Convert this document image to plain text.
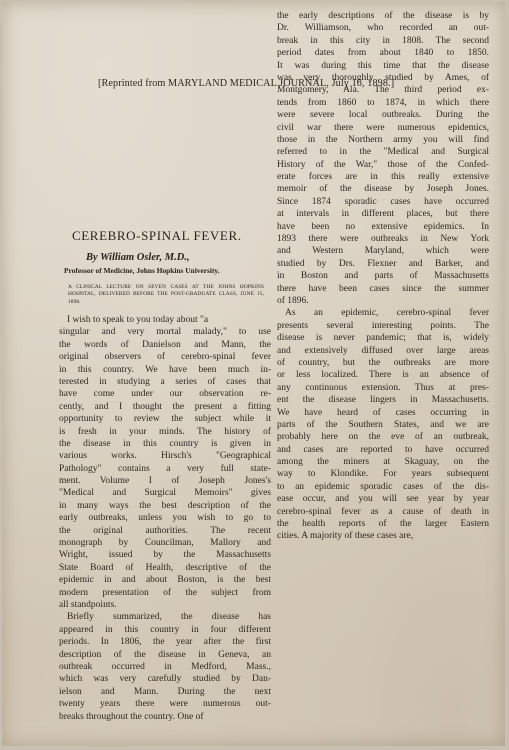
[Reprinted from MARYLAND MEDICAL JOURNAL, July 16, 1898.]
CEREBRO-SPINAL FEVER.
By William Osler, M.D.,
Professor of Medicine, Johns Hopkins University.
A CLINICAL LECTURE ON SEVEN CASES AT THE JOHNS HOPKINS HOSPITAL, DELIVERED BEFORE THE POST-GRADUATE CLASS, JUNE 15, 1898.
I wish to speak to you today about "a
singular and very mortal malady," to use
the words of Danielson and Mann, the
original observers of cerebro-spinal fever
in this country. We have been much in-
terested in studying a series of cases that
have come under our observation re-
cently, and I thought the present a fitting
opportunity to review the subject while it
is fresh in your minds. The history of
the disease in this country is given in
various works. Hirsch's "Geographical
Pathology" contains a very full state-
ment. Volume I of Joseph Jones's
"Medical and Surgical Memoirs" gives
in many ways the best description of the
early outbreaks, unless you wish to go to
the original authorities. The recent
monograph by Councilman, Mallory and
Wright, issued by the Massachusetts
State Board of Health, descriptive of the
epidemic in and about Boston, is the best
modern presentation of the subject from
all standpoints.
Briefly summarized, the disease has
appeared in this country in four different
periods. In 1806, the year after the first
description of the disease in Geneva, an
outbreak occurred in Medford, Mass.,
which was very carefully studied by Dan-
ielson and Mann. During the next
twenty years there were numerous out-
breaks throughout the country. One of
the early descriptions of the disease is by
Dr. Williamson, who recorded an out-
break in this city in 1808. The second
period dates from about 1840 to 1850.
It was during this time that the disease
was very thoroughly studied by Ames, of
Montgomery, Ala. The third period ex-
tends from 1860 to 1874, in which there
were severe local outbreaks. During the
civil war there were numerous epidemics,
those in the Northern army you will find
referred to in the "Medical and Surgical
History of the War," those of the Confed-
erate forces are in this really extensive
memoir of the disease by Joseph Jones.
Since 1874 sporadic cases have occurred
at intervals in different places, but there
have been no extensive epidemics. In
1893 there were outbreaks in New York
and Western Maryland, which were
studied by Drs. Flexner and Barker, and
in Boston and parts of Massachusetts
there have been cases since the summer
of 1896.
As an epidemic, cerebro-spinal fever
presents several interesting points. The
disease is never pandemic; that is, widely
and extensively diffused over large areas
of country, but the outbreaks are more
or less localized. There is an absence of
any continuous extension. Thus at pres-
ent the disease lingers in Massachusetts.
We have heard of cases occurring in
parts of the Southern States, and we are
probably here on the eve of an outbreak,
and cases are reported to have occurred
among the miners at Skaguay, on the
way to Klondike. For years subsequent
to an epidemic sporadic cases of the dis-
ease occur, and you will see year by year
cerebro-spinal fever as a cause of death in
the health reports of the larger Eastern
cities. A majority of these cases are,
